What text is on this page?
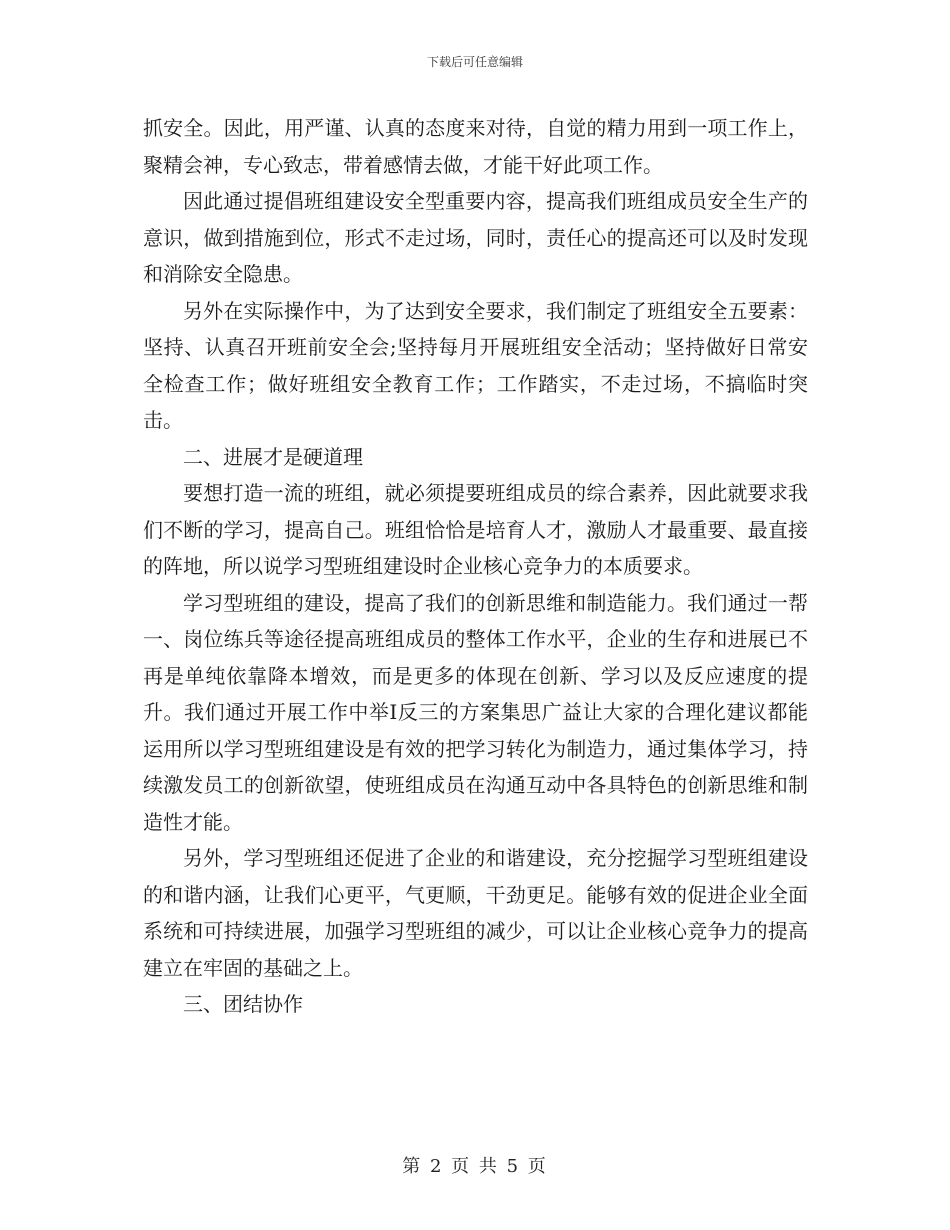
下载后可任意编辑

抓安全。因此，用严谨、认真的态度来对待，自觉的精力用到一项工作上，聚精会神，专心致志，带着感情去做，才能干好此项工作。

因此通过提倡班组建设安全型重要内容，提高我们班组成员安全生产的意识，做到措施到位，形式不走过场，同时，责任心的提高还可以及时发现和消除安全隐患。

另外在实际操作中，为了达到安全要求，我们制定了班组安全五要素：坚持、认真召开班前安全会;坚持每月开展班组安全活动；坚持做好日常安全检查工作；做好班组安全教育工作；工作踏实，不走过场，不搞临时突击。

二、进展才是硬道理

要想打造一流的班组，就必须提要班组成员的综合素养，因此就要求我们不断的学习，提高自己。班组恰恰是培育人才，激励人才最重要、最直接的阵地，所以说学习型班组建设时企业核心竞争力的本质要求。

学习型班组的建设，提高了我们的创新思维和制造能力。我们通过一帮一、岗位练兵等途径提高班组成员的整体工作水平，企业的生存和进展已不再是单纯依靠降本增效，而是更多的体现在创新、学习以及反应速度的提升。我们通过开展工作中举Ⅰ反三的方案集思广益让大家的合理化建议都能运用所以学习型班组建设是有效的把学习转化为制造力，通过集体学习，持续激发员工的创新欲望，使班组成员在沟通互动中各具特色的创新思维和制造性才能。

另外，学习型班组还促进了企业的和谐建设，充分挖掘学习型班组建设的和谐内涵，让我们心更平，气更顺，干劲更足。能够有效的促进企业全面系统和可持续进展，加强学习型班组的减少，可以让企业核心竞争力的提高建立在牢固的基础之上。

三、团结协作

第 2 页 共 5 页
